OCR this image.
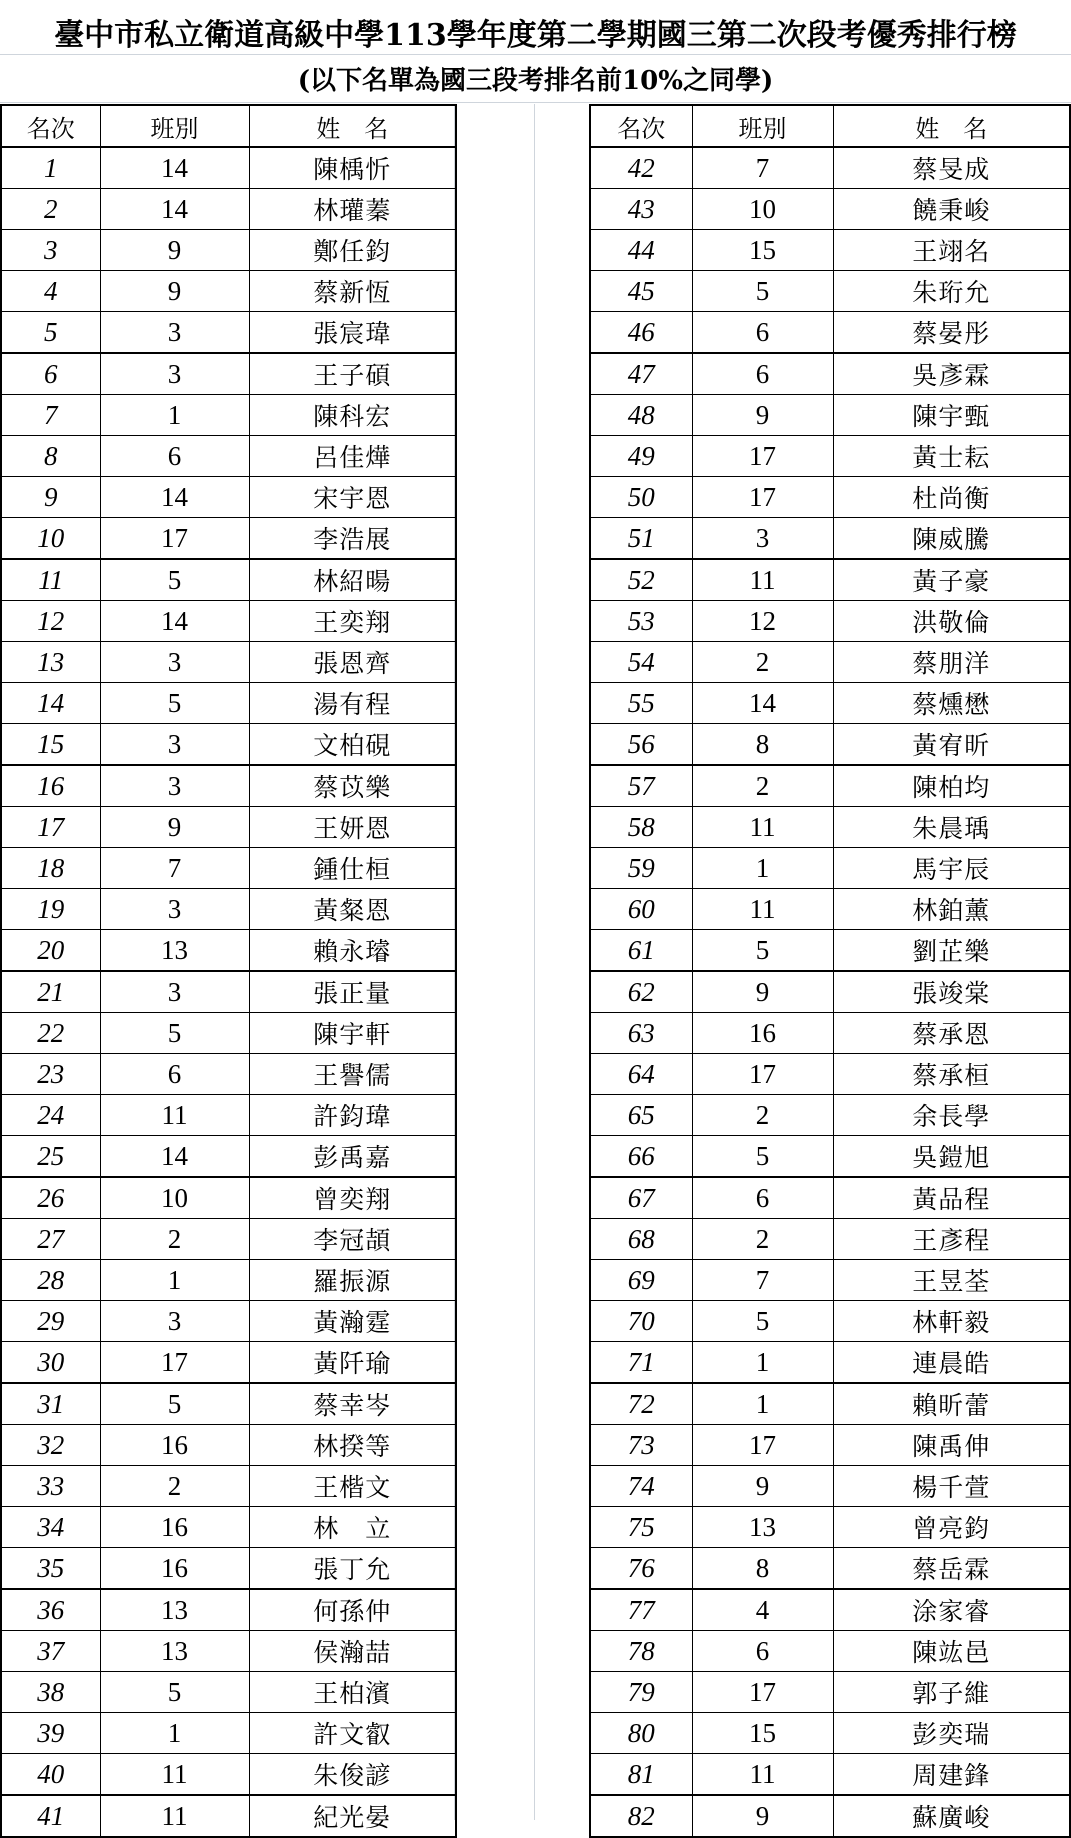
臺中市私立衛道高級中學113學年度第二學期國三第二次段考優秀排行榜
(以下名單為國三段考排名前10%之同學)
名次	班別	姓　名
1	14	陳楀忻
2	14	林瓘蓁
3	9	鄭任鈞
4	9	蔡新恆
5	3	張宸瑋
6	3	王子碩
7	1	陳科宏
8	6	呂佳燁
9	14	宋宇恩
10	17	李浩展
11	5	林紹暘
12	14	王奕翔
13	3	張恩齊
14	5	湯有程
15	3	文柏硯
16	3	蔡苡樂
17	9	王妍恩
18	7	鍾仕桓
19	3	黃粲恩
20	13	賴永璿
21	3	張正量
22	5	陳宇軒
23	6	王譽儒
24	11	許鈞瑋
25	14	彭禹嘉
26	10	曾奕翔
27	2	李冠頡
28	1	羅振源
29	3	黃瀚霆
30	17	黃阡瑜
31	5	蔡幸岑
32	16	林揆等
33	2	王楷文
34	16	林　立
35	16	張丁允
36	13	何孫仲
37	13	侯瀚喆
38	5	王柏濱
39	1	許文叡
40	11	朱俊諺
41	11	紀光晏
名次	班別	姓　名
42	7	蔡旻成
43	10	饒秉峻
44	15	王翊名
45	5	朱珩允
46	6	蔡晏彤
47	6	吳彥霖
48	9	陳宇甄
49	17	黃士耘
50	17	杜尚衡
51	3	陳威騰
52	11	黃子豪
53	12	洪敬倫
54	2	蔡朋洋
55	14	蔡燻懋
56	8	黃宥昕
57	2	陳柏均
58	11	朱晨瑀
59	1	馬宇辰
60	11	林鉑薰
61	5	劉芷樂
62	9	張竣棠
63	16	蔡承恩
64	17	蔡承桓
65	2	余長學
66	5	吳鎧旭
67	6	黃品程
68	2	王彥程
69	7	王昱荃
70	5	林軒毅
71	1	連晨皓
72	1	賴昕蕾
73	17	陳禹伸
74	9	楊千萱
75	13	曾亮鈞
76	8	蔡岳霖
77	4	涂家睿
78	6	陳竑邑
79	17	郭子維
80	15	彭奕瑞
81	11	周建鋒
82	9	蘇廣峻
